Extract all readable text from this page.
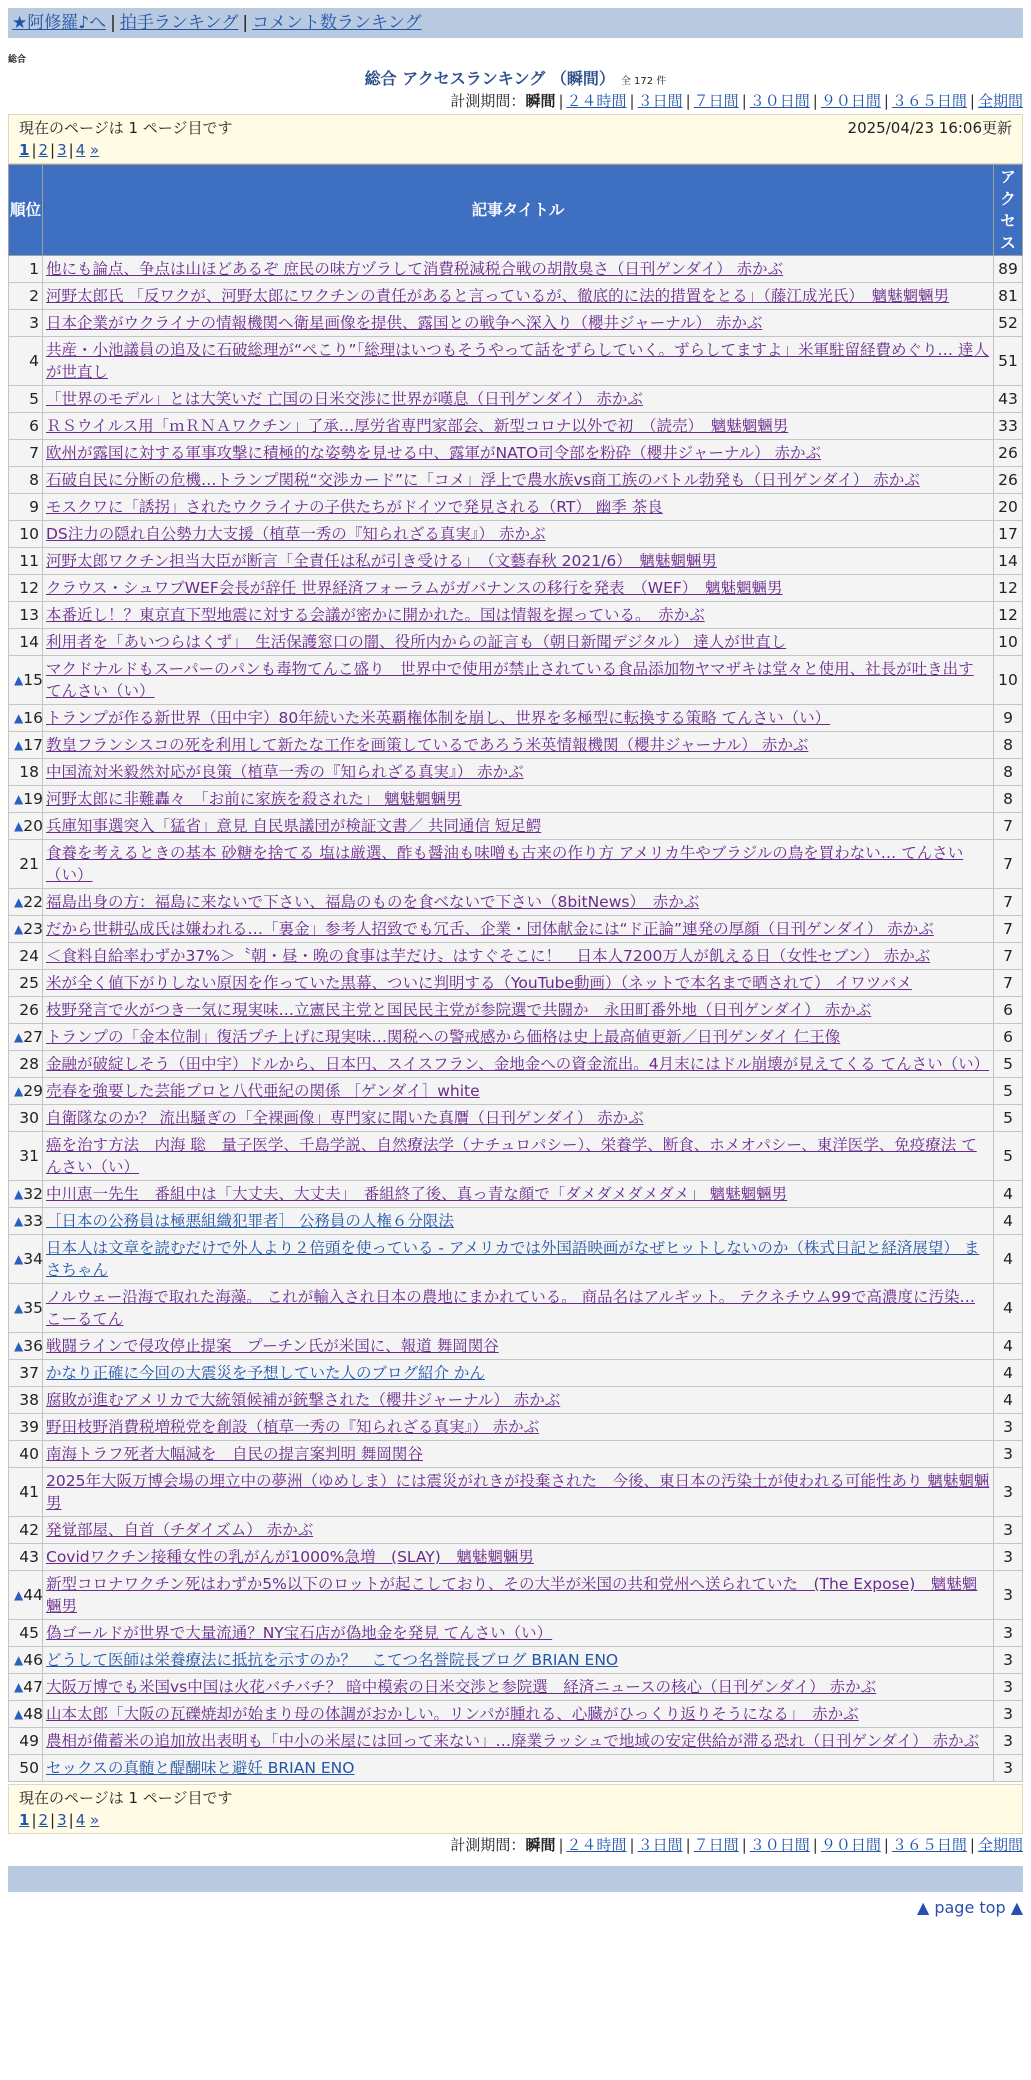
★阿修羅♪へ | 拍手ランキング | コメント数ランキング
総合
総合 アクセスランキング （瞬間） 全 172 件
計測期間：瞬間 | ２４時間 | ３日間 | ７日間 | ３０日間 | ９０日間 | ３６５日間 | 全期間
現在のページは 1 ページ目です	2025/04/23 16:06更新
1 | 2 | 3 | 4 »
順位	記事タイトル	アクセス
1	他にも論点、争点は山ほどあるぞ 庶民の味方ヅラして消費税減税合戦の胡散臭さ（日刊ゲンダイ） 赤かぶ	89
2	河野太郎氏 「反ワクが、河野太郎にワクチンの責任があると言っているが、徹底的に法的措置をとる」（藤江成光氏）　魑魅魍魎男	81
3	日本企業がウクライナの情報機関へ衛星画像を提供、露国との戦争へ深入り（櫻井ジャーナル） 赤かぶ	52
4	共産・小池議員の追及に石破総理が“ぺこり”「総理はいつもそうやって話をずらしていく。ずらしてますよ」米軍駐留経費めぐり… 達人が世直し	51
5	「世界のモデル」とは大笑いだ 亡国の日米交渉に世界が嘆息（日刊ゲンダイ） 赤かぶ	43
6	ＲＳウイルス用「ｍＲＮＡワクチン」了承…厚労省専門家部会、新型コロナ以外で初　（読売）　魑魅魍魎男	33
7	欧州が露国に対する軍事攻撃に積極的な姿勢を見せる中、露軍がNATO司令部を粉砕（櫻井ジャーナル） 赤かぶ	26
8	石破自民に分断の危機…トランプ関税“交渉カード”に「コメ」浮上で農水族vs商工族のバトル勃発も（日刊ゲンダイ） 赤かぶ	26
9	モスクワに「誘拐」されたウクライナの子供たちがドイツで発見される（RT） 幽季 茶良	20
10	DS注力の隠れ自公勢力大支援（植草一秀の『知られざる真実』） 赤かぶ	17
11	河野太郎ワクチン担当大臣が断言「全責任は私が引き受ける」　（文藝春秋 2021/6）　魑魅魍魎男	14
12	クラウス・シュワブWEF会長が辞任 世界経済フォーラムがガバナンスの移行を発表　（WEF）　魑魅魍魎男	12
13	本番近し！？東京直下型地震に対する会議が密かに開かれた。国は情報を握っている。　赤かぶ	12
14	利用者を「あいつらはくず」　生活保護窓口の闇、役所内からの証言も（朝日新聞デジタル） 達人が世直し	10

▲ 15	マクドナルドもスーパーのパンも毒物てんこ盛り　世界中で使用が禁止されている食品添加物ヤマザキは堂々と使用、社長が吐き出す てんさい（い）	10

▲ 16	トランプが作る新世界（田中宇）80年続いた米英覇権体制を崩し、世界を多極型に転換する策略 てんさい（い）	9

▲ 17	教皇フランシスコの死を利用して新たな工作を画策しているであろう米英情報機関（櫻井ジャーナル） 赤かぶ	8
18	中国流対米毅然対応が良策（植草一秀の『知られざる真実』） 赤かぶ	8

▲ 19	河野太郎に非難轟々　「お前に家族を殺された」 魑魅魍魎男	8

▲ 20	兵庫知事選突入「猛省」意見 自民県議団が検証文書／ 共同通信 短足鰐	7
21	食養を考えるときの基本 砂糖を捨てる 塩は厳選、酢も醤油も味噌も古来の作り方 アメリカ牛やブラジルの鳥を買わない… てんさい（い）	7

▲ 22	福島出身の方：福島に来ないで下さい、福島のものを食べないで下さい（8bitNews）　赤かぶ	7

▲ 23	だから世耕弘成氏は嫌われる…「裏金」参考人招致でも冗舌、企業・団体献金には“ド正論”連発の厚顔（日刊ゲンダイ） 赤かぶ	7
24	＜食料自給率わずか37%＞〝朝・昼・晩の食事は芋だけ〟はすぐそこに！　日本人7200万人が飢える日（女性セブン） 赤かぶ	7
25	米が全く値下がりしない原因を作っていた黒幕、ついに判明する（YouTube動画）（ネットで本名まで晒されて） イワツバメ	7
26	枝野発言で火がつき一気に現実味…立憲民主党と国民民主党が参院選で共闘か　永田町番外地（日刊ゲンダイ） 赤かぶ	6

▲ 27	トランプの「金本位制」復活プチ上げに現実味…関税への警戒感から価格は史上最高値更新／日刊ゲンダイ 仁王像	6
28	金融が破綻しそう（田中宇）ドルから、日本円、スイスフラン、金地金への資金流出。4月末にはドル崩壊が見えてくる てんさい（い）	5

▲ 29	売春を強要した芸能プロと八代亜紀の関係 ［ゲンダイ］white	5
30	自衛隊なのか？ 流出騒ぎの「全裸画像」専門家に聞いた真贋（日刊ゲンダイ） 赤かぶ	5
31	癌を治す方法　内海 聡　量子医学、千島学説、自然療法学（ナチュロパシー）、栄養学、断食、ホメオパシー、東洋医学、免疫療法 てんさい（い）	5

▲ 32	中川恵一先生　番組中は「大丈夫、大丈夫」　番組終了後、真っ青な顔で「ダメダメダメダメ」 魑魅魍魎男	4

▲ 33	［日本の公務員は極悪組織犯罪者］ 公務員の人権６分限法	4

▲ 34	日本人は文章を読むだけで外人より２倍頭を使っている - アメリカでは外国語映画がなぜヒットしないのか（株式日記と経済展望） まさちゃん	4

▲ 35	ノルウェー沿海で取れた海藻。 これが輸入され日本の農地にまかれている。 商品名はアルギット。 テクネチウム99で高濃度に汚染… こーるてん	4

▲ 36	戦闘ラインで侵攻停止提案　プーチン氏が米国に、報道 舞岡関谷	4
37	かなり正確に今回の大震災を予想していた人のブログ紹介 かん	4
38	腐敗が進むアメリカで大統領候補が銃撃された（櫻井ジャーナル） 赤かぶ	4
39	野田枝野消費税増税党を創設（植草一秀の『知られざる真実』） 赤かぶ	3
40	南海トラフ死者大幅減を　自民の提言案判明 舞岡関谷	3
41	2025年大阪万博会場の埋立中の夢洲（ゆめしま）には震災がれきが投棄された　今後、東日本の汚染土が使われる可能性あり 魑魅魍魎男	3
42	発覚部屋、自首（チダイズム） 赤かぶ	3
43	Covidワクチン接種女性の乳がんが1000%急増　(SLAY)　魑魅魍魎男	3

▲ 44	新型コロナワクチン死はわずか5%以下のロットが起こしており、その大半が米国の共和党州へ送られていた　(The Expose)　魑魅魍魎男	3
45	偽ゴールドが世界で大量流通？NY宝石店が偽地金を発見 てんさい（い）	3

▲ 46	どうして医師は栄養療法に抵抗を示すのか？　こてつ名誉院長ブログ BRIAN ENO	3

▲ 47	大阪万博でも米国vs中国は火花バチバチ？ 暗中模索の日米交渉と参院選　経済ニュースの核心（日刊ゲンダイ） 赤かぶ	3

▲ 48	山本太郎「大阪の瓦礫焼却が始まり母の体調がおかしい。リンパが腫れる、心臓がひっくり返りそうになる」　赤かぶ	3
49	農相が備蓄米の追加放出表明も「中小の米屋には回って来ない」…廃業ラッシュで地域の安定供給が滞る恐れ（日刊ゲンダイ） 赤かぶ	3
50	セックスの真髄と醍醐味と避妊 BRIAN ENO	3
現在のページは 1 ページ目です
1 | 2 | 3 | 4 »
計測期間：瞬間 | ２４時間 | ３日間 | ７日間 | ３０日間 | ９０日間 | ３６５日間 | 全期間
▲ page top ▲
